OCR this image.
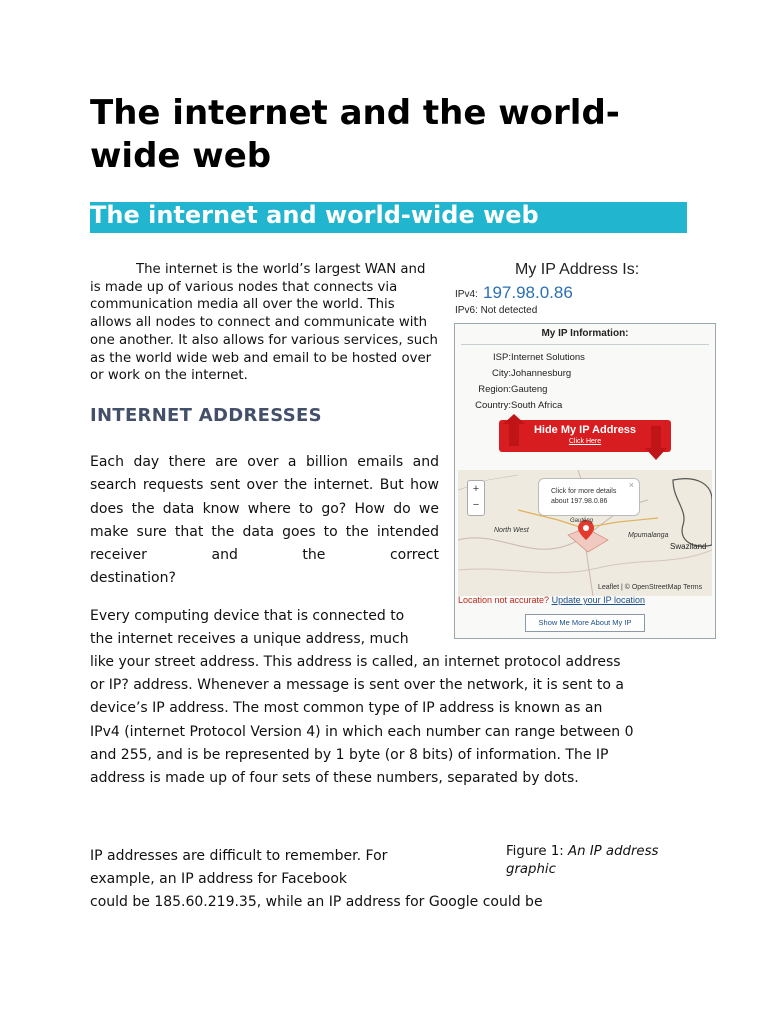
The internet and the world-wide web
The internet and world-wide web
The internet is the world’s largest WAN and is made up of various nodes that connects via communication media all over the world. This allows all nodes to connect and communicate with one another. It also allows for various services, such as the world wide web and email to be hosted over or work on the internet.
INTERNET ADDRESSES
Each day there are over a billion emails and search requests sent over the internet. But how does the data know where to go? How do we make sure that the data goes to the intended receiver and the correct
destination?
Every computing device that is connected to
the internet receives a unique address, much
like your street address. This address is called, an internet protocol address
or IP? address. Whenever a message is sent over the network, it is sent to a
device’s IP address. The most common type of IP address is known as an
IPv4 (internet Protocol Version 4) in which each number can range between 0
and 255, and is be represented by 1 byte (or 8 bits) of information. The IP
address is made up of four sets of these numbers, separated by dots.
IP addresses are difficult to remember. For
example, an IP address for Facebook
could be 185.60.219.35, while an IP address for Google could be
My IP Address Is:
IPv4: 197.98.0.86
IPv6: Not detected
My IP Information:
ISP:Internet Solutions
City:Johannesburg
Region:Gauteng
Country:South Africa
Hide My IP Address
Click Here
+
−
Click for more details
about 197.98.0.86
×
North West
Mpumalanga
Swaziland
Gauteng
Leaflet | © OpenStreetMap Terms
Location not accurate? Update your IP location
Show Me More About My IP
Figure 1: An IP address graphic
